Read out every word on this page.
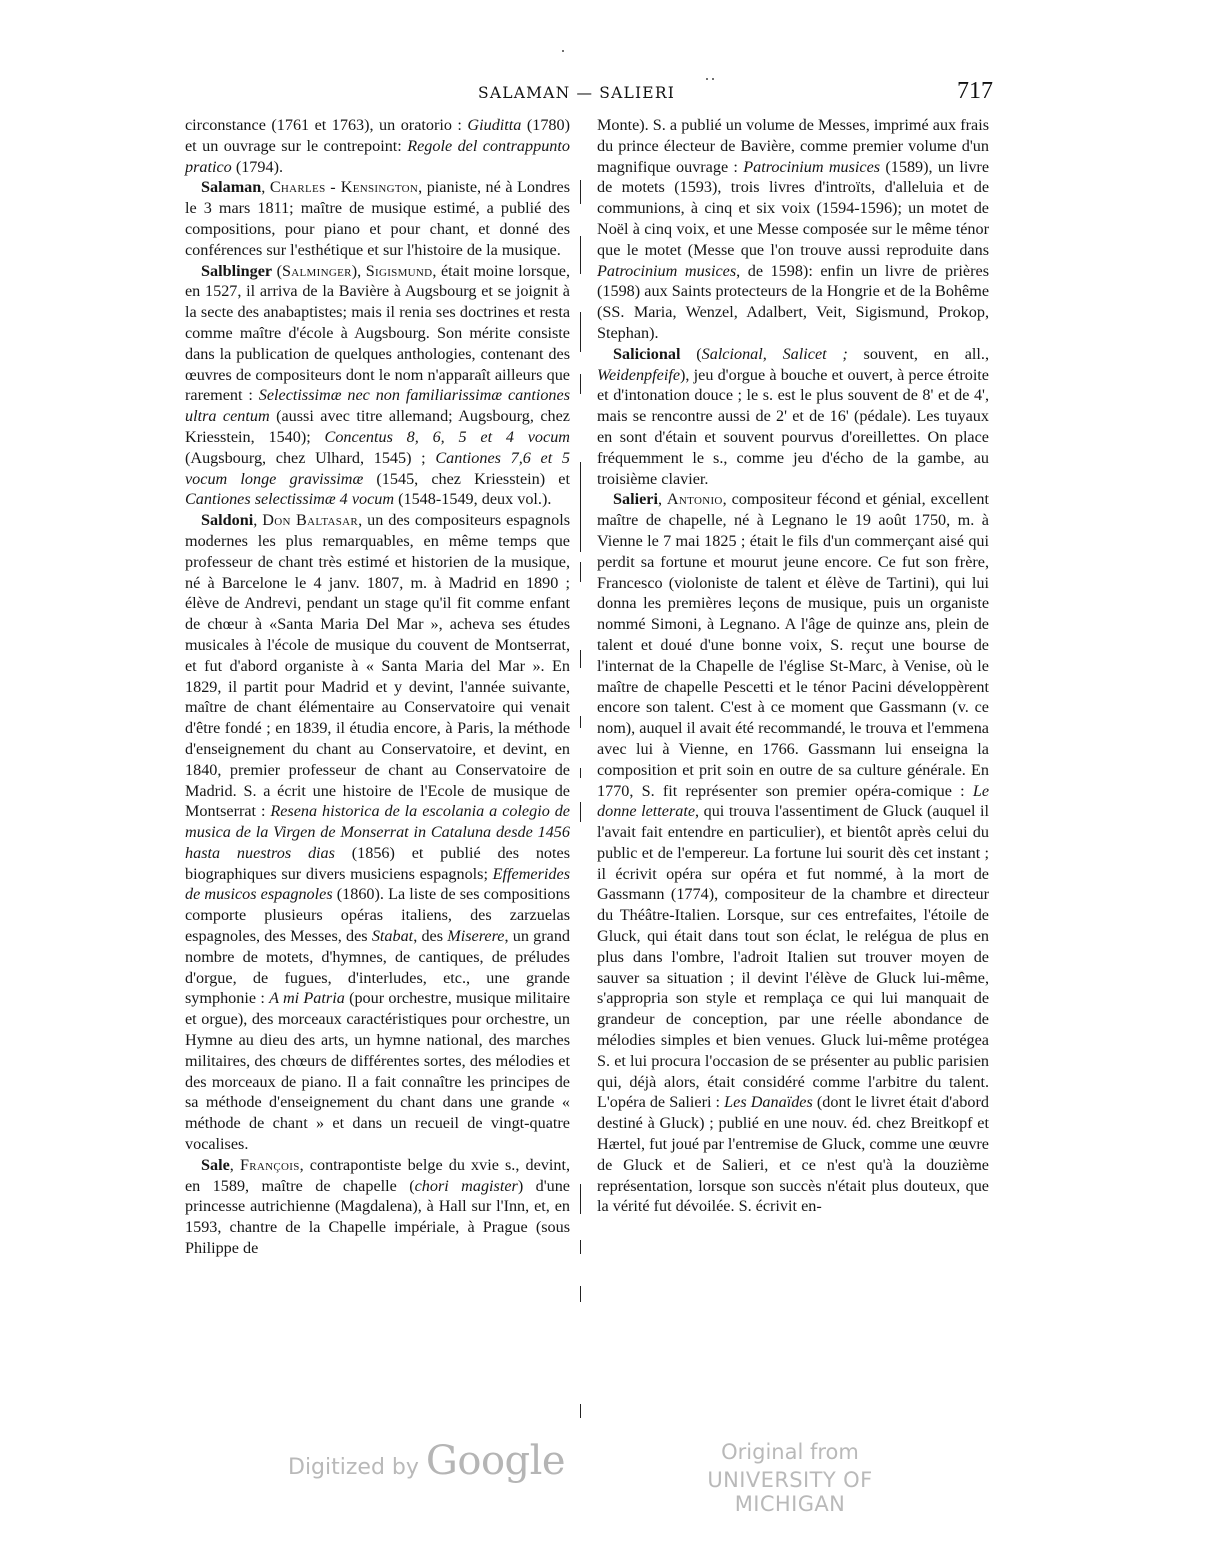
SALAMAN — SALIERI	717

circonstance (1761 et 1763), un oratorio : Giuditta (1780) et un ouvrage sur le contrepoint: Regole del contrappunto pratico (1794).

Salaman, Charles - Kensington, pianiste, né à Londres le 3 mars 1811; maître de musique estimé, a publié des compositions, pour piano et pour chant, et donné des conférences sur l'esthétique et sur l'histoire de la musique.

Salblinger (Salminger), Sigismund, était moine lorsque, en 1527, il arriva de la Bavière à Augsbourg et se joignit à la secte des anabaptistes; mais il renia ses doctrines et resta comme maître d'école à Augsbourg. Son mérite consiste dans la publication de quelques anthologies, contenant des œuvres de compositeurs dont le nom n'apparaît ailleurs que rarement : Selectissimæ nec non familiarissimæ cantiones ultra centum (aussi avec titre allemand; Augsbourg, chez Kriesstein, 1540); Concentus 8, 6, 5 et 4 vocum (Augsbourg, chez Ulhard, 1545) ; Cantiones 7,6 et 5 vocum longe gravissimæ (1545, chez Kriesstein) et Cantiones selectissimæ 4 vocum (1548-1549, deux vol.).

Saldoni, Don Baltasar, un des compositeurs espagnols modernes les plus remarquables, en même temps que professeur de chant très estimé et historien de la musique, né à Barcelone le 4 janv. 1807, m. à Madrid en 1890 ; élève de Andrevi, pendant un stage qu'il fit comme enfant de chœur à «Santa Maria Del Mar », acheva ses études musicales à l'école de musique du couvent de Montserrat, et fut d'abord organiste à « Santa Maria del Mar ». En 1829, il partit pour Madrid et y devint, l'année suivante, maître de chant élémentaire au Conservatoire qui venait d'être fondé ; en 1839, il étudia encore, à Paris, la méthode d'enseignement du chant au Conservatoire, et devint, en 1840, premier professeur de chant au Conservatoire de Madrid. S. a écrit une histoire de l'Ecole de musique de Montserrat : Resena historica de la escolania a colegio de musica de la Virgen de Monserrat in Cataluna desde 1456 hasta nuestros dias (1856) et publié des notes biographiques sur divers musiciens espagnols; Effemerides de musicos espagnoles (1860). La liste de ses compositions comporte plusieurs opéras italiens, des zarzuelas espagnoles, des Messes, des Stabat, des Miserere, un grand nombre de motets, d'hymnes, de cantiques, de préludes d'orgue, de fugues, d'interludes, etc., une grande symphonie : A mi Patria (pour orchestre, musique militaire et orgue), des morceaux caractéristiques pour orchestre, un Hymne au dieu des arts, un hymne national, des marches militaires, des chœurs de différentes sortes, des mélodies et des morceaux de piano. Il a fait connaître les principes de sa méthode d'enseignement du chant dans une grande « méthode de chant » et dans un recueil de vingt-quatre vocalises.

Sale, François, contrapontiste belge du xvie s., devint, en 1589, maître de chapelle (chori magister) d'une princesse autrichienne (Magdalena), à Hall sur l'Inn, et, en 1593, chantre de la Chapelle impériale, à Prague (sous Philippe de

Monte). S. a publié un volume de Messes, imprimé aux frais du prince électeur de Bavière, comme premier volume d'un magnifique ouvrage : Patrocinium musices (1589), un livre de motets (1593), trois livres d'introïts, d'alleluia et de communions, à cinq et six voix (1594-1596); un motet de Noël à cinq voix, et une Messe composée sur le même ténor que le motet (Messe que l'on trouve aussi reproduite dans Patrocinium musices, de 1598): enfin un livre de prières (1598) aux Saints protecteurs de la Hongrie et de la Bohême (SS. Maria, Wenzel, Adalbert, Veit, Sigismund, Prokop, Stephan).

Salicional (Salcional, Salicet ; souvent, en all., Weidenpfeife), jeu d'orgue à bouche et ouvert, à perce étroite et d'intonation douce ; le s. est le plus souvent de 8' et de 4', mais se rencontre aussi de 2' et de 16' (pédale). Les tuyaux en sont d'étain et souvent pourvus d'oreillettes. On place fréquemment le s., comme jeu d'écho de la gambe, au troisième clavier.

Salieri, Antonio, compositeur fécond et génial, excellent maître de chapelle, né à Legnano le 19 août 1750, m. à Vienne le 7 mai 1825 ; était le fils d'un commerçant aisé qui perdit sa fortune et mourut jeune encore. Ce fut son frère, Francesco (violoniste de talent et élève de Tartini), qui lui donna les premières leçons de musique, puis un organiste nommé Simoni, à Legnano. A l'âge de quinze ans, plein de talent et doué d'une bonne voix, S. reçut une bourse de l'internat de la Chapelle de l'église St-Marc, à Venise, où le maître de chapelle Pescetti et le ténor Pacini développèrent encore son talent. C'est à ce moment que Gassmann (v. ce nom), auquel il avait été recommandé, le trouva et l'emmena avec lui à Vienne, en 1766. Gassmann lui enseigna la composition et prit soin en outre de sa culture générale. En 1770, S. fit représenter son premier opéra-comique : Le donne letterate, qui trouva l'assentiment de Gluck (auquel il l'avait fait entendre en particulier), et bientôt après celui du public et de l'empereur. La fortune lui sourit dès cet instant ; il écrivit opéra sur opéra et fut nommé, à la mort de Gassmann (1774), compositeur de la chambre et directeur du Théâtre-Italien. Lorsque, sur ces entrefaites, l'étoile de Gluck, qui était dans tout son éclat, le relégua de plus en plus dans l'ombre, l'adroit Italien sut trouver moyen de sauver sa situation ; il devint l'élève de Gluck lui-même, s'appropria son style et remplaça ce qui lui manquait de grandeur de conception, par une réelle abondance de mélodies simples et bien venues. Gluck lui-même protégea S. et lui procura l'occasion de se présenter au public parisien qui, déjà alors, était considéré comme l'arbitre du talent. L'opéra de Salieri : Les Danaïdes (dont le livret était d'abord destiné à Gluck) ; publié en une nouv. éd. chez Breitkopf et Hærtel, fut joué par l'entremise de Gluck, comme une œuvre de Gluck et de Salieri, et ce n'est qu'à la douzième représentation, lorsque son succès n'était plus douteux, que la vérité fut dévoilée. S. écrivit en-

Digitized by Google	Original from
UNIVERSITY OF MICHIGAN
